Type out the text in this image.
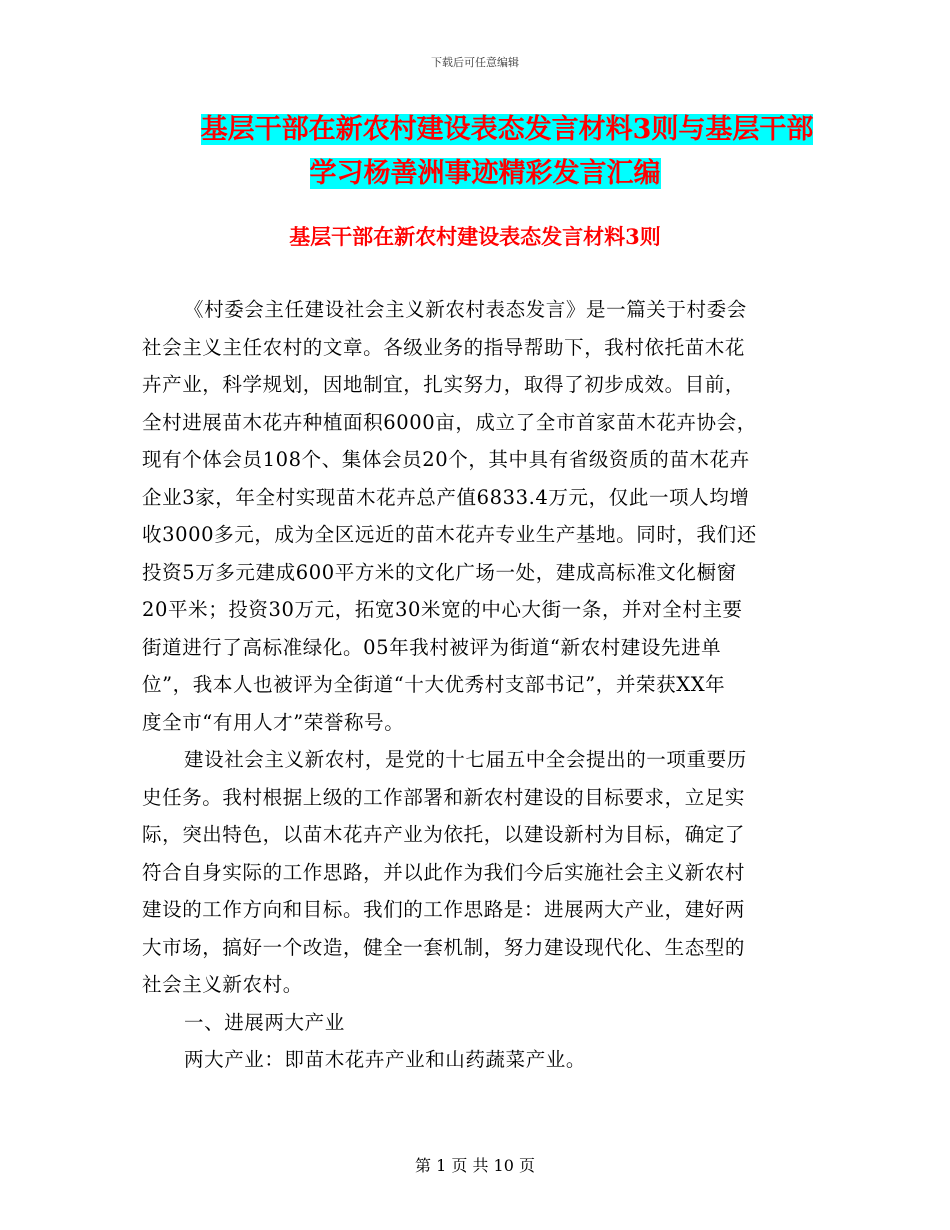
下载后可任意编辑
基层干部在新农村建设表态发言材料3则与基层干部
学习杨善洲事迹精彩发言汇编
基层干部在新农村建设表态发言材料3则
《村委会主任建设社会主义新农村表态发言》是一篇关于村委会
社会主义主任农村的文章。各级业务的指导帮助下，我村依托苗木花
卉产业，科学规划，因地制宜，扎实努力，取得了初步成效。目前，
全村进展苗木花卉种植面积6000亩，成立了全市首家苗木花卉协会，
现有个体会员108个、集体会员20个，其中具有省级资质的苗木花卉
企业3家，年全村实现苗木花卉总产值6833.4万元，仅此一项人均增
收3000多元，成为全区远近的苗木花卉专业生产基地。同时，我们还
投资5万多元建成600平方米的文化广场一处，建成高标准文化橱窗
20平米；投资30万元，拓宽30米宽的中心大街一条，并对全村主要
街道进行了高标准绿化。05年我村被评为街道“新农村建设先进单
位”，我本人也被评为全街道“十大优秀村支部书记”，并荣获XX年
度全市“有用人才”荣誉称号。
建设社会主义新农村，是党的十七届五中全会提出的一项重要历
史任务。我村根据上级的工作部署和新农村建设的目标要求，立足实
际，突出特色，以苗木花卉产业为依托，以建设新村为目标，确定了
符合自身实际的工作思路，并以此作为我们今后实施社会主义新农村
建设的工作方向和目标。我们的工作思路是：进展两大产业，建好两
大市场，搞好一个改造，健全一套机制，努力建设现代化、生态型的
社会主义新农村。
一、进展两大产业
两大产业：即苗木花卉产业和山药蔬菜产业。
第 1 页 共 10 页
